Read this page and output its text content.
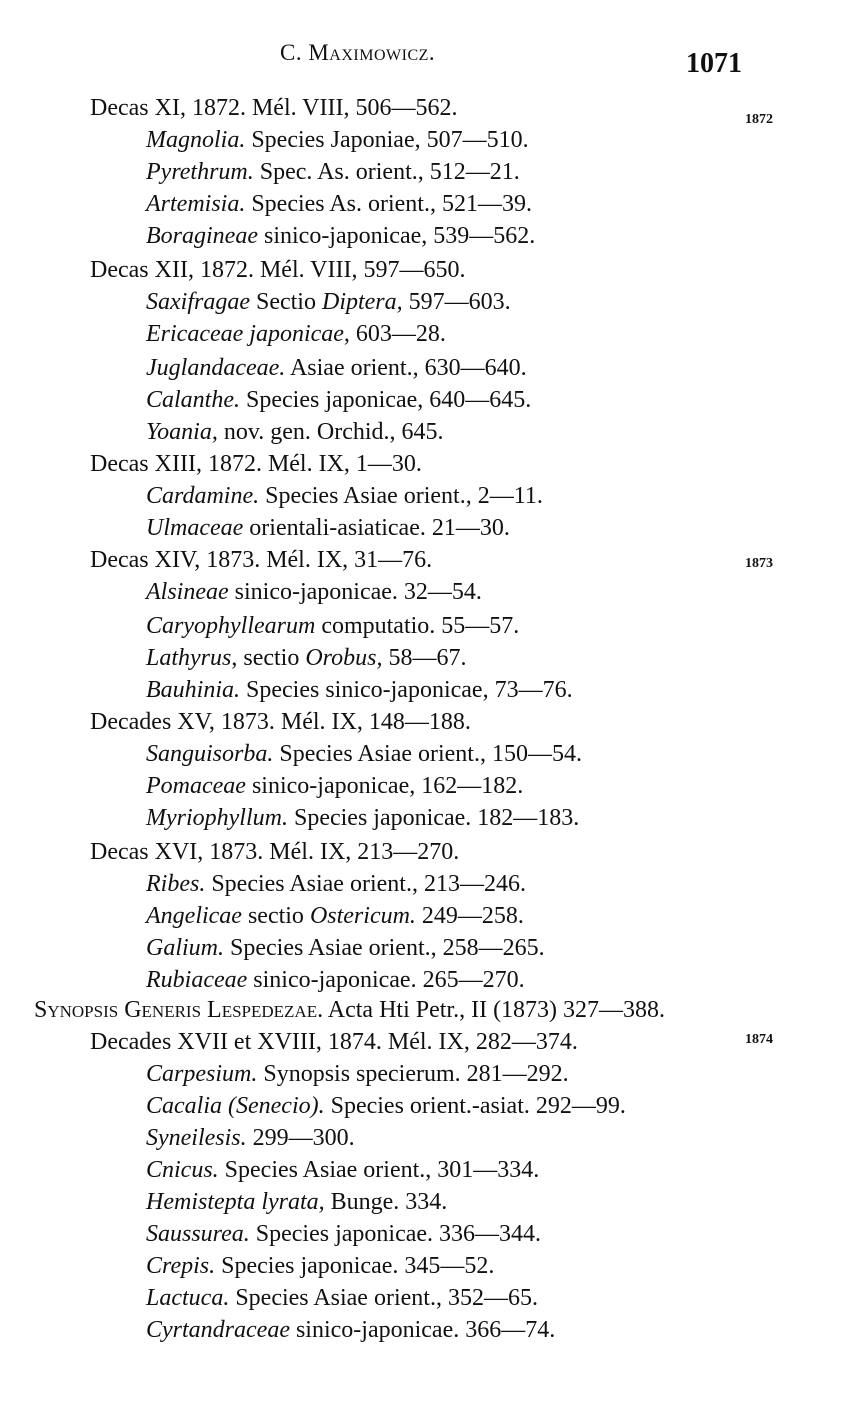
C. Maximowicz.	1071
1872
1873
1874
Decas XI, 1872. Mél. VIII, 506—562.
Magnolia. Species Japoniae, 507—510.
Pyrethrum. Spec. As. orient., 512—21.
Artemisia. Species As. orient., 521—39.
Boragineae sinico-japonicae, 539—562.
Decas XII, 1872. Mél. VIII, 597—650.
Saxifragae Sectio Diptera, 597—603.
Ericaceae japonicae, 603—28.
Juglandaceae. Asiae orient., 630—640.
Calanthe. Species japonicae, 640—645.
Yoania, nov. gen. Orchid., 645.
Decas XIII, 1872. Mél. IX, 1—30.
Cardamine. Species Asiae orient., 2—11.
Ulmaceae orientali-asiaticae. 21—30.
Decas XIV, 1873. Mél. IX, 31—76.
Alsineae sinico-japonicae. 32—54.
Caryophyllearum computatio. 55—57.
Lathyrus, sectio Orobus, 58—67.
Bauhinia. Species sinico-japonicae, 73—76.
Decades XV, 1873. Mél. IX, 148—188.
Sanguisorba. Species Asiae orient., 150—54.
Pomaceae sinico-japonicae, 162—182.
Myriophyllum. Species japonicae. 182—183.
Decas XVI, 1873. Mél. IX, 213—270.
Ribes. Species Asiae orient., 213—246.
Angelicae sectio Ostericum. 249—258.
Galium. Species Asiae orient., 258—265.
Rubiaceae sinico-japonicae. 265—270.
Synopsis Generis Lespedezae. Acta Hti Petr., II (1873) 327—388.
Decades XVII et XVIII, 1874. Mél. IX, 282—374.
Carpesium. Synopsis specierum. 281—292.
Cacalia (Senecio). Species orient.-asiat. 292—99.
Syneilesis. 299—300.
Cnicus. Species Asiae orient., 301—334.
Hemistepta lyrata, Bunge. 334.
Saussurea. Species japonicae. 336—344.
Crepis. Species japonicae. 345—52.
Lactuca. Species Asiae orient., 352—65.
Cyrtandraceae sinico-japonicae. 366—74.
